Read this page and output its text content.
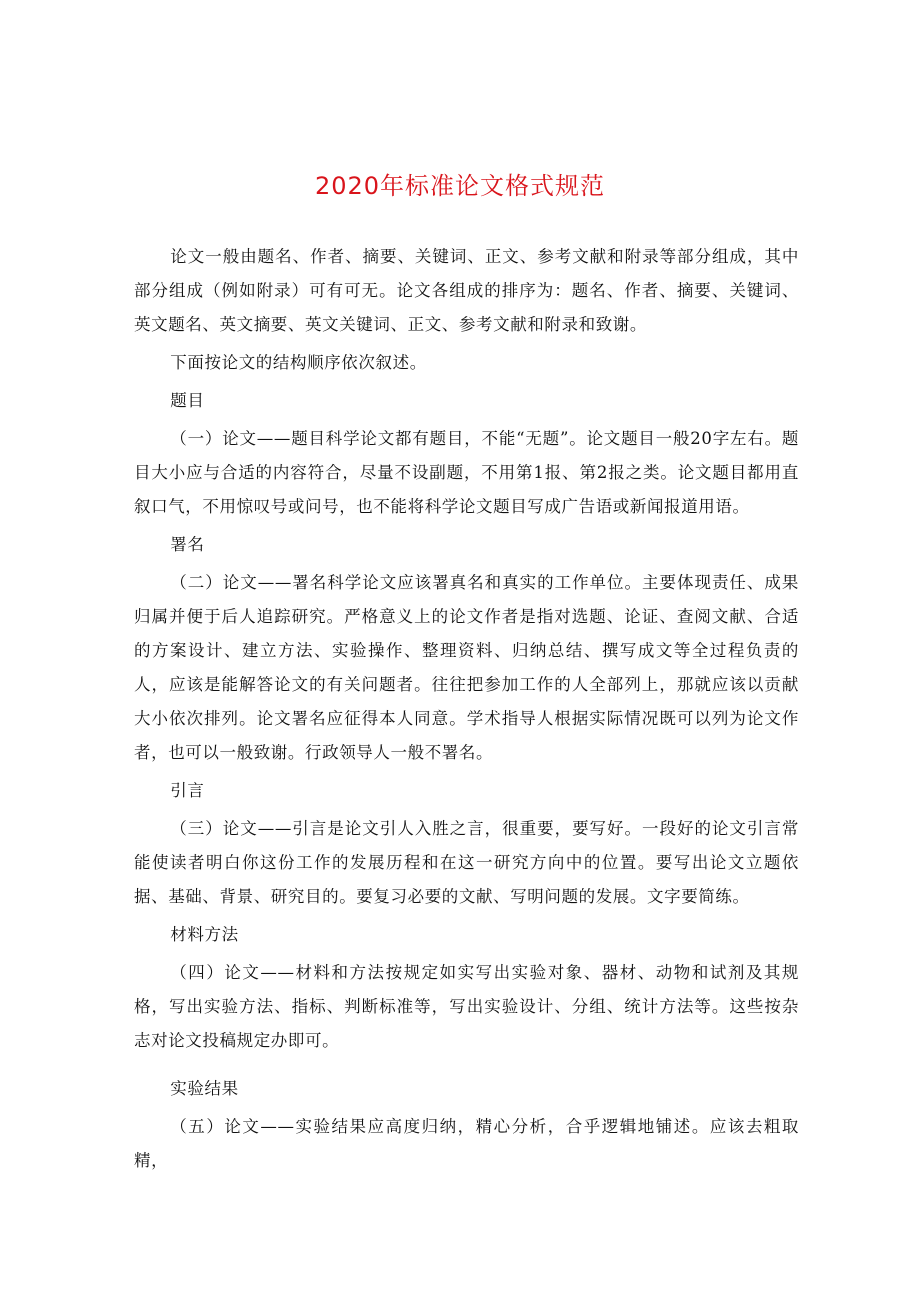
2020年标准论文格式规范

论文一般由题名、作者、摘要、关键词、正文、参考文献和附录等部分组成，其中部分组成（例如附录）可有可无。论文各组成的排序为：题名、作者、摘要、关键词、英文题名、英文摘要、英文关键词、正文、参考文献和附录和致谢。

下面按论文的结构顺序依次叙述。

题目

（一）论文——题目科学论文都有题目，不能“无题”。论文题目一般20字左右。题目大小应与合适的内容符合，尽量不设副题，不用第1报、第2报之类。论文题目都用直叙口气，不用惊叹号或问号，也不能将科学论文题目写成广告语或新闻报道用语。

署名

（二）论文——署名科学论文应该署真名和真实的工作单位。主要体现责任、成果归属并便于后人追踪研究。严格意义上的论文作者是指对选题、论证、查阅文献、合适的方案设计、建立方法、实验操作、整理资料、归纳总结、撰写成文等全过程负责的人，应该是能解答论文的有关问题者。往往把参加工作的人全部列上，那就应该以贡献大小依次排列。论文署名应征得本人同意。学术指导人根据实际情况既可以列为论文作者，也可以一般致谢。行政领导人一般不署名。

引言

（三）论文——引言是论文引人入胜之言，很重要，要写好。一段好的论文引言常能使读者明白你这份工作的发展历程和在这一研究方向中的位置。要写出论文立题依据、基础、背景、研究目的。要复习必要的文献、写明问题的发展。文字要简练。

材料方法

（四）论文——材料和方法按规定如实写出实验对象、器材、动物和试剂及其规格，写出实验方法、指标、判断标准等，写出实验设计、分组、统计方法等。这些按杂志对论文投稿规定办即可。

实验结果

（五）论文——实验结果应高度归纳，精心分析，合乎逻辑地铺述。应该去粗取精，
